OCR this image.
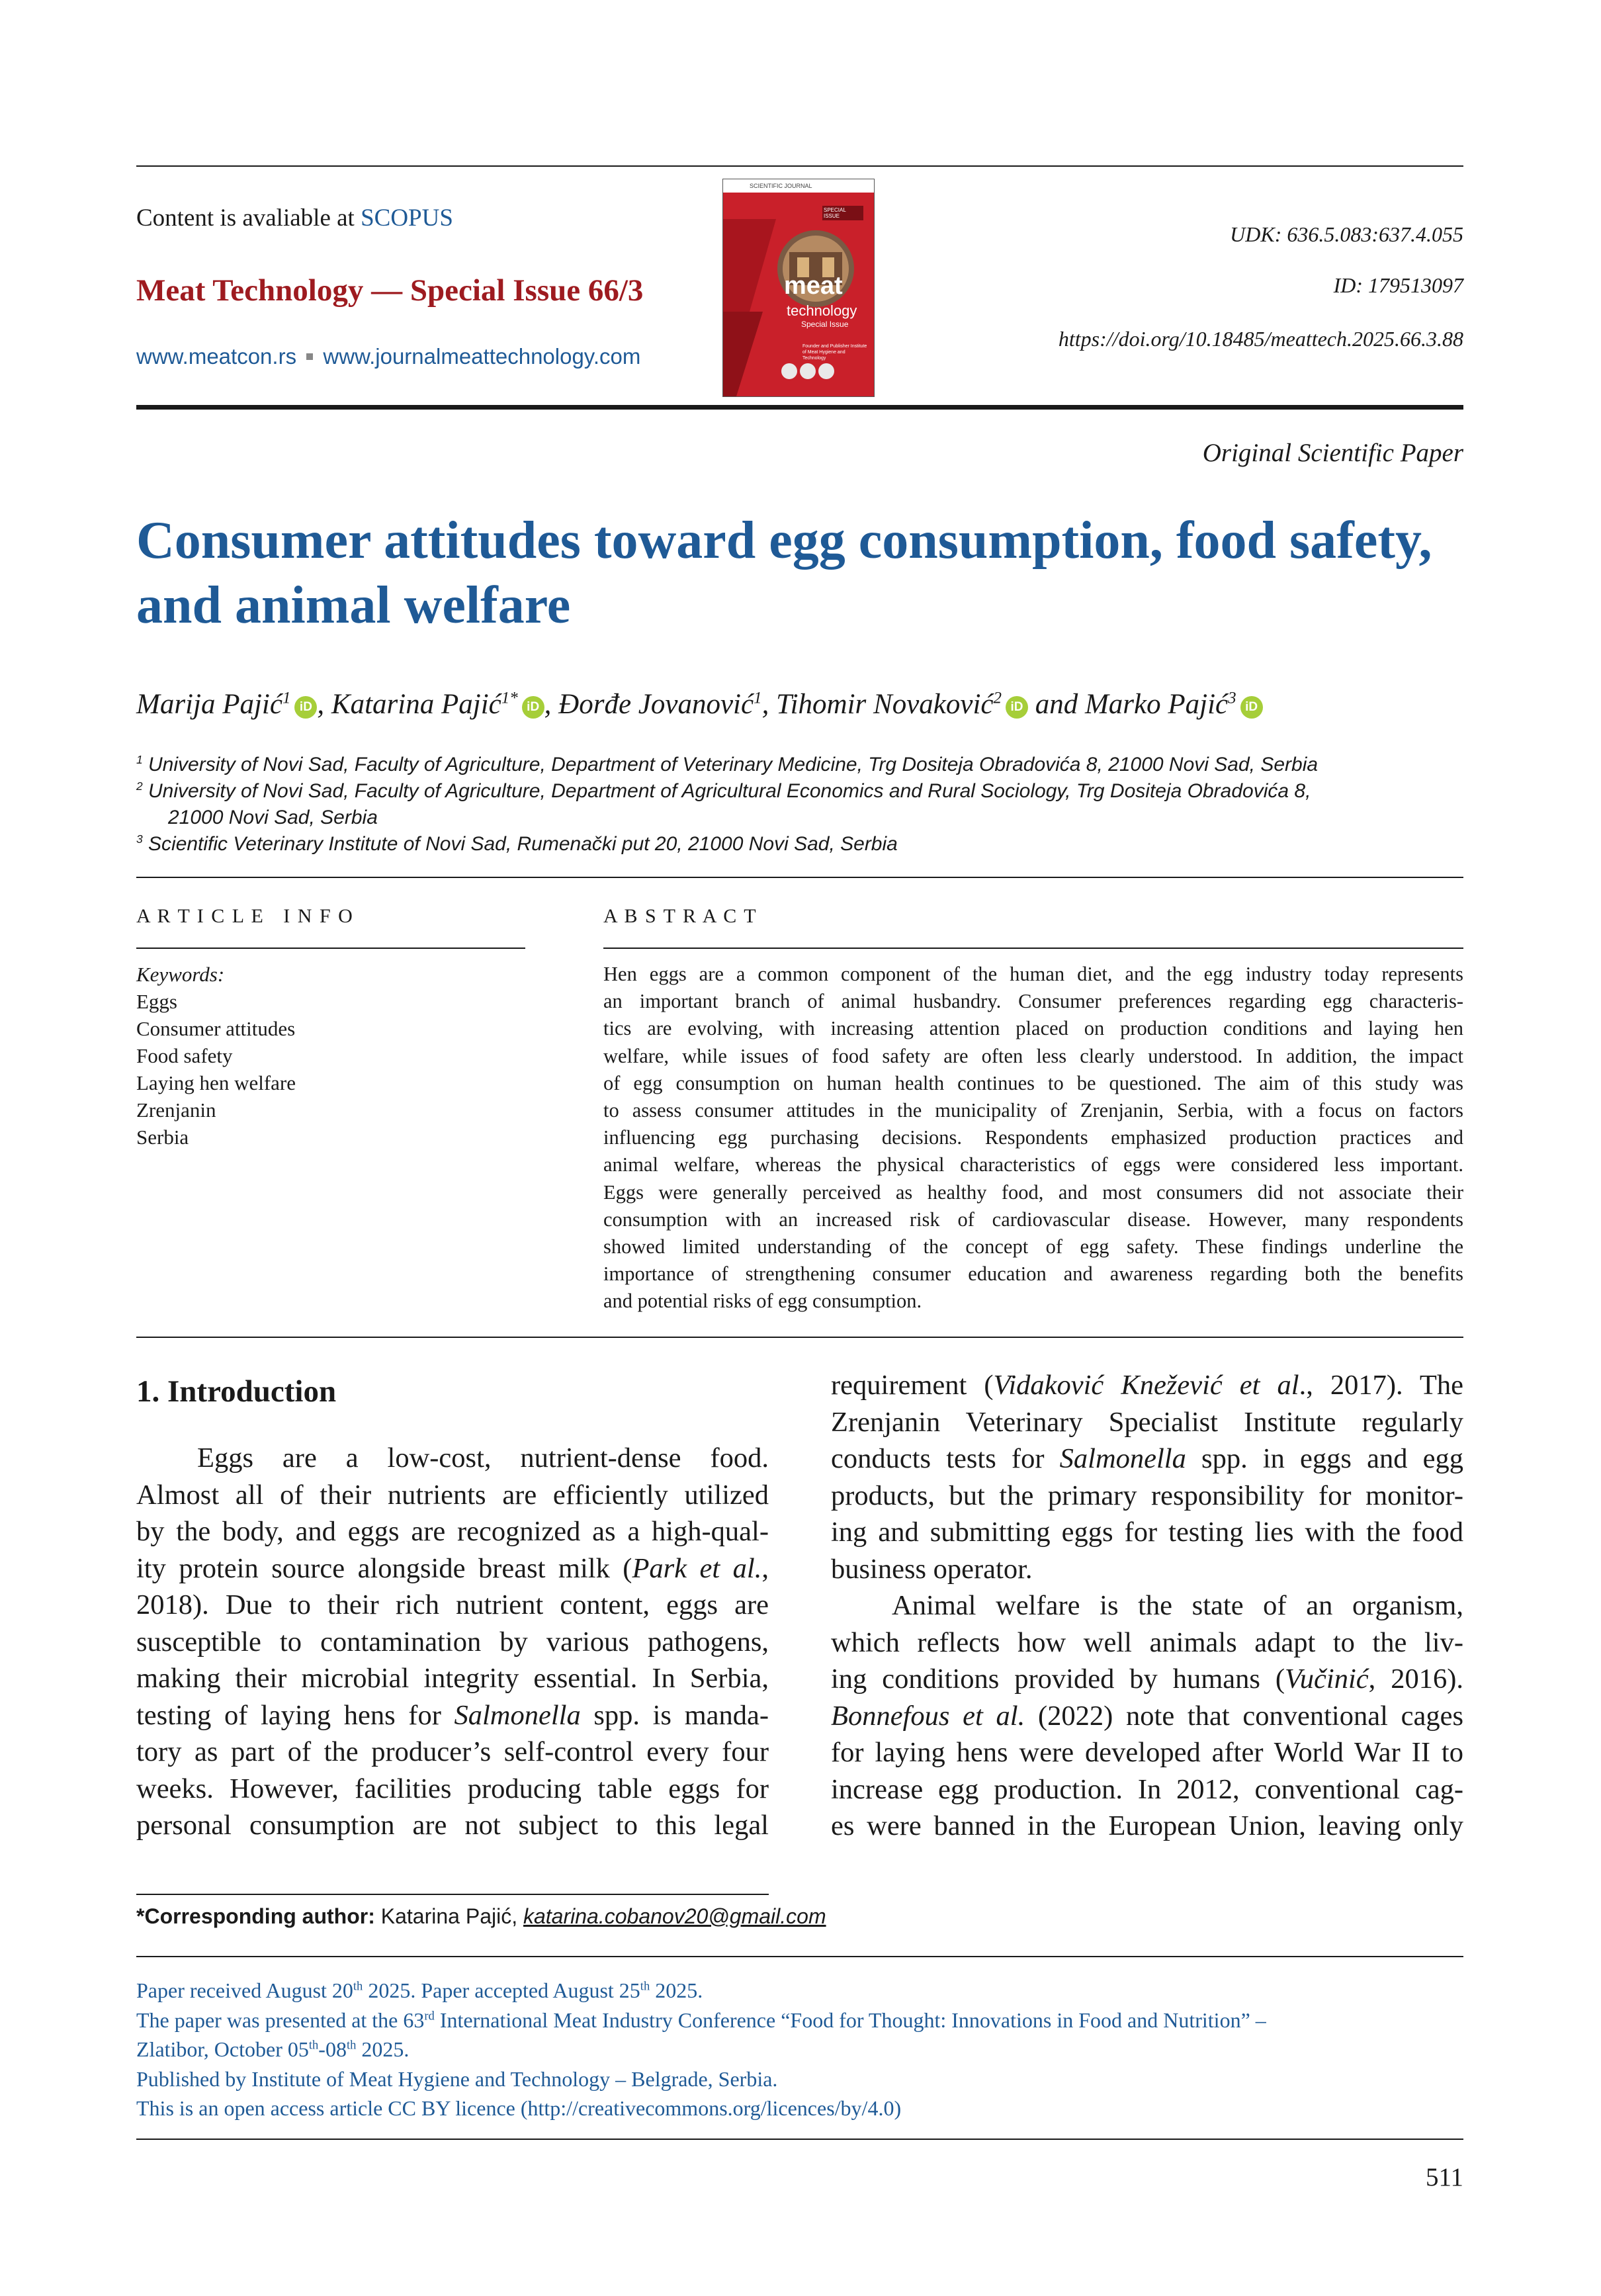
Content is avaliable at SCOPUS
Meat Technology — Special Issue 66/3
www.meatcon.rs www.journalmeattechnology.com
SCIENTIFIC JOURNAL
SPECIAL ISSUE
meat
technology
Special Issue
Founder and Publisher Institute of Meat Hygiene and Technology
UDK: 636.5.083:637.4.055
ID: 179513097
https://doi.org/10.18485/meattech.2025.66.3.88
Original Scientific Paper
Consumer attitudes toward egg consumption, food safety,
and animal welfare
Marija Pajić$^1$ iD , Katarina Pajić$^{1*}$ iD , Đorđe Jovanović$^1$, Tihomir Novaković$^2$ iD and Marko Pajić$^3$ iD
$^1$ University of Novi Sad, Faculty of Agriculture, Department of Veterinary Medicine, Trg Dositeja Obradovića 8, 21000 Novi Sad, Serbia
$^2$ University of Novi Sad, Faculty of Agriculture, Department of Agricultural Economics and Rural Sociology, Trg Dositeja Obradovića 8,
21000 Novi Sad, Serbia
$^3$ Scientific Veterinary Institute of Novi Sad, Rumenački put 20, 21000 Novi Sad, Serbia
A R T I C L E   I N F O
Keywords:
Eggs
Consumer attitudes
Food safety
Laying hen welfare
Zrenjanin
Serbia
A B S T R A C T
Hen eggs are a common component of the human diet, and the egg industry today represents
an important branch of animal husbandry. Consumer preferences regarding egg characteris-
tics are evolving, with increasing attention placed on production conditions and laying hen
welfare, while issues of food safety are often less clearly understood. In addition, the impact
of egg consumption on human health continues to be questioned. The aim of this study was
to assess consumer attitudes in the municipality of Zrenjanin, Serbia, with a focus on factors
influencing egg purchasing decisions. Respondents emphasized production practices and
animal welfare, whereas the physical characteristics of eggs were considered less important.
Eggs were generally perceived as healthy food, and most consumers did not associate their
consumption with an increased risk of cardiovascular disease. However, many respondents
showed limited understanding of the concept of egg safety. These findings underline the
importance of strengthening consumer education and awareness regarding both the benefits
and potential risks of egg consumption.
1. Introduction

Eggs are a low-cost, nutrient-dense food.

Almost all of their nutrients are efficiently utilized

by the body, and eggs are recognized as a high-qual-

ity protein source alongside breast milk (Park et al.,

2018). Due to their rich nutrient content, eggs are

susceptible to contamination by various pathogens,

making their microbial integrity essential. In Serbia,

testing of laying hens for Salmonella spp. is manda-

tory as part of the producer’s self-control every four

weeks. However, facilities producing table eggs for

personal consumption are not subject to this legal

requirement (Vidaković Knežević et al., 2017). The

Zrenjanin Veterinary Specialist Institute regularly

conducts tests for Salmonella spp. in eggs and egg

products, but the primary responsibility for monitor-

ing and submitting eggs for testing lies with the food

business operator.

Animal welfare is the state of an organism,

which reflects how well animals adapt to the liv-

ing conditions provided by humans (Vučinić, 2016).

Bonnefous et al. (2022) note that conventional cages

for laying hens were developed after World War II to

increase egg production. In 2012, conventional cag-

es were banned in the European Union, leaving only

*Corresponding author: Katarina Pajić, katarina.cobanov20@gmail.com
Paper received August 20th 2025. Paper accepted August 25th 2025.
The paper was presented at the 63rd International Meat Industry Conference “Food for Thought: Innovations in Food and Nutrition” –
Zlatibor, October 05th-08th 2025.
Published by Institute of Meat Hygiene and Technology – Belgrade, Serbia.
This is an open access article CC BY licence (http://creativecommons.org/licences/by/4.0)
511
